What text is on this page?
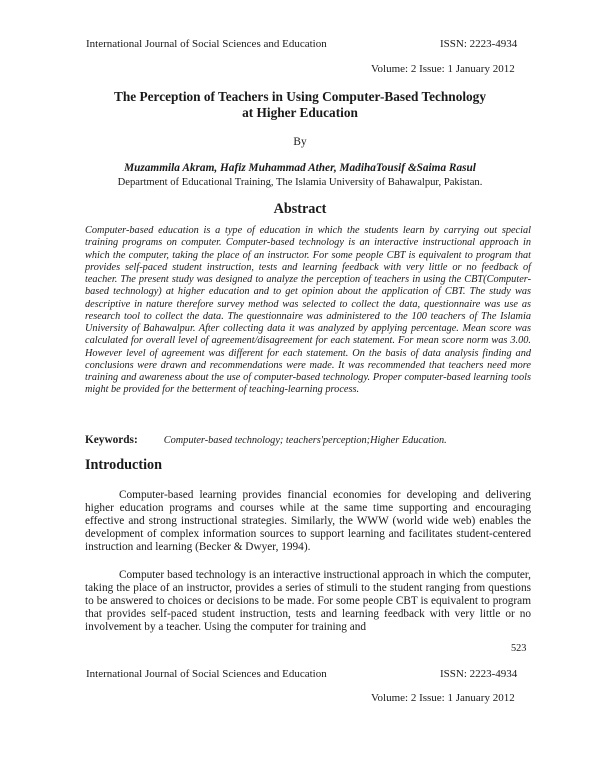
International Journal of Social Sciences and Education	ISSN: 2223-4934
Volume: 2 Issue: 1 January 2012
The Perception of Teachers in Using Computer-Based Technology
at Higher Education
By
Muzammila Akram, Hafiz Muhammad Ather, MadihaTousif &Saima Rasul
Department of Educational Training, The Islamia University of Bahawalpur, Pakistan.
Abstract

Computer-based education is a type of education in which the students learn by carrying out special training programs on computer. Computer-based technology is an interactive instructional approach in which the computer, taking the place of an instructor. For some people CBT is equivalent to program that provides self-paced student instruction, tests and learning feedback with very little or no feedback of teacher. The present study was designed to analyze the perception of teachers in using the CBT(Computer-based technology) at higher education and to get opinion about the application of CBT. The study was descriptive in nature therefore survey method was selected to collect the data, questionnaire was use as research tool to collect the data. The questionnaire was administered to the 100 teachers of The Islamia University of Bahawalpur. After collecting data it was analyzed by applying percentage. Mean score was calculated for overall level of agreement/disagreement for each statement. For mean score norm was 3.00. However level of agreement was different for each statement. On the basis of data analysis finding and conclusions were drawn and recommendations were made. It was recommended that teachers need more training and awareness about the use of computer-based technology. Proper computer-based learning tools might be provided for the betterment of teaching-learning process.

Keywords:	Computer-based technology; teachers'perception;Higher Education.
Introduction

Computer-based learning provides financial economies for developing and delivering higher education programs and courses while at the same time supporting and encouraging effective and strong instructional strategies. Similarly, the WWW (world wide web) enables the development of complex information sources to support learning and facilitates student-centered instruction and learning (Becker & Dwyer, 1994).

Computer based technology is an interactive instructional approach in which the computer, taking the place of an instructor, provides a series of stimuli to the student ranging from questions to be answered to choices or decisions to be made. For some people CBT is equivalent to program that provides self-paced student instruction, tests and learning feedback with very little or no involvement by a teacher. Using the computer for training and

523
International Journal of Social Sciences and Education	ISSN: 2223-4934
Volume: 2 Issue: 1 January 2012
